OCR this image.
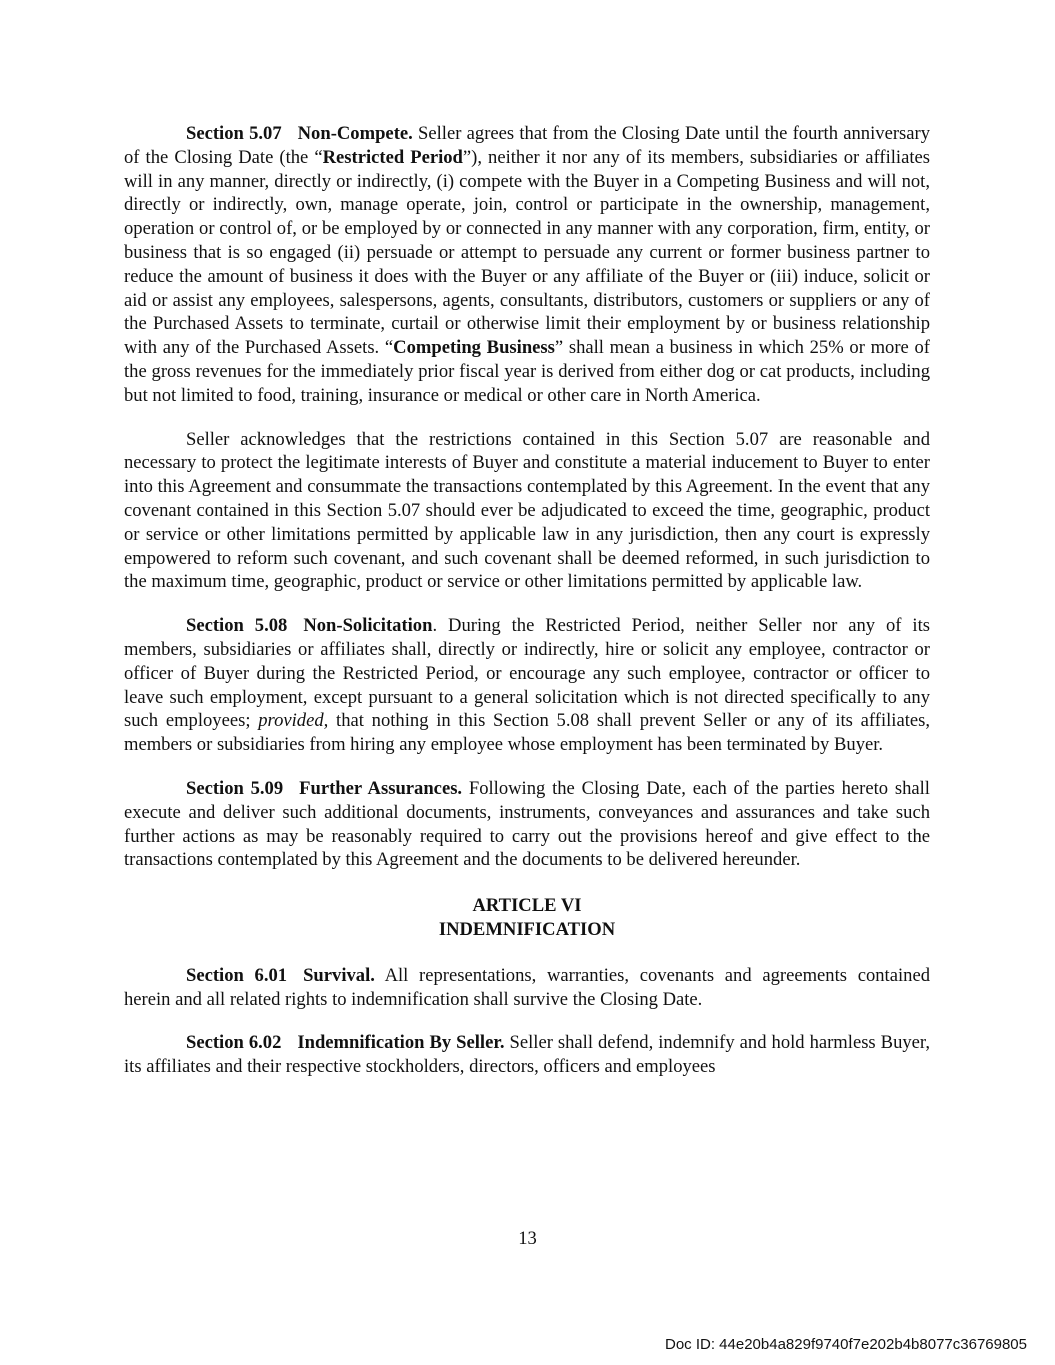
Section 5.07 Non-Compete. Seller agrees that from the Closing Date until the fourth anniversary of the Closing Date (the “Restricted Period”), neither it nor any of its members, subsidiaries or affiliates will in any manner, directly or indirectly, (i) compete with the Buyer in a Competing Business and will not, directly or indirectly, own, manage operate, join, control or participate in the ownership, management, operation or control of, or be employed by or connected in any manner with any corporation, firm, entity, or business that is so engaged (ii) persuade or attempt to persuade any current or former business partner to reduce the amount of business it does with the Buyer or any affiliate of the Buyer or (iii) induce, solicit or aid or assist any employees, salespersons, agents, consultants, distributors, customers or suppliers or any of the Purchased Assets to terminate, curtail or otherwise limit their employment by or business relationship with any of the Purchased Assets. “Competing Business” shall mean a business in which 25% or more of the gross revenues for the immediately prior fiscal year is derived from either dog or cat products, including but not limited to food, training, insurance or medical or other care in North America.

Seller acknowledges that the restrictions contained in this Section 5.07 are reasonable and necessary to protect the legitimate interests of Buyer and constitute a material inducement to Buyer to enter into this Agreement and consummate the transactions contemplated by this Agreement. In the event that any covenant contained in this Section 5.07 should ever be adjudicated to exceed the time, geographic, product or service or other limitations permitted by applicable law in any jurisdiction, then any court is expressly empowered to reform such covenant, and such covenant shall be deemed reformed, in such jurisdiction to the maximum time, geographic, product or service or other limitations permitted by applicable law.

Section 5.08 Non-Solicitation. During the Restricted Period, neither Seller nor any of its members, subsidiaries or affiliates shall, directly or indirectly, hire or solicit any employee, contractor or officer of Buyer during the Restricted Period, or encourage any such employee, contractor or officer to leave such employment, except pursuant to a general solicitation which is not directed specifically to any such employees; provided, that nothing in this Section 5.08 shall prevent Seller or any of its affiliates, members or subsidiaries from hiring any employee whose employment has been terminated by Buyer.

Section 5.09 Further Assurances. Following the Closing Date, each of the parties hereto shall execute and deliver such additional documents, instruments, conveyances and assurances and take such further actions as may be reasonably required to carry out the provisions hereof and give effect to the transactions contemplated by this Agreement and the documents to be delivered hereunder.

ARTICLE VI
INDEMNIFICATION

Section 6.01 Survival. All representations, warranties, covenants and agreements contained herein and all related rights to indemnification shall survive the Closing Date.

Section 6.02 Indemnification By Seller. Seller shall defend, indemnify and hold harmless Buyer, its affiliates and their respective stockholders, directors, officers and employees

13
Doc ID: 44e20b4a829f9740f7e202b4b8077c36769805
